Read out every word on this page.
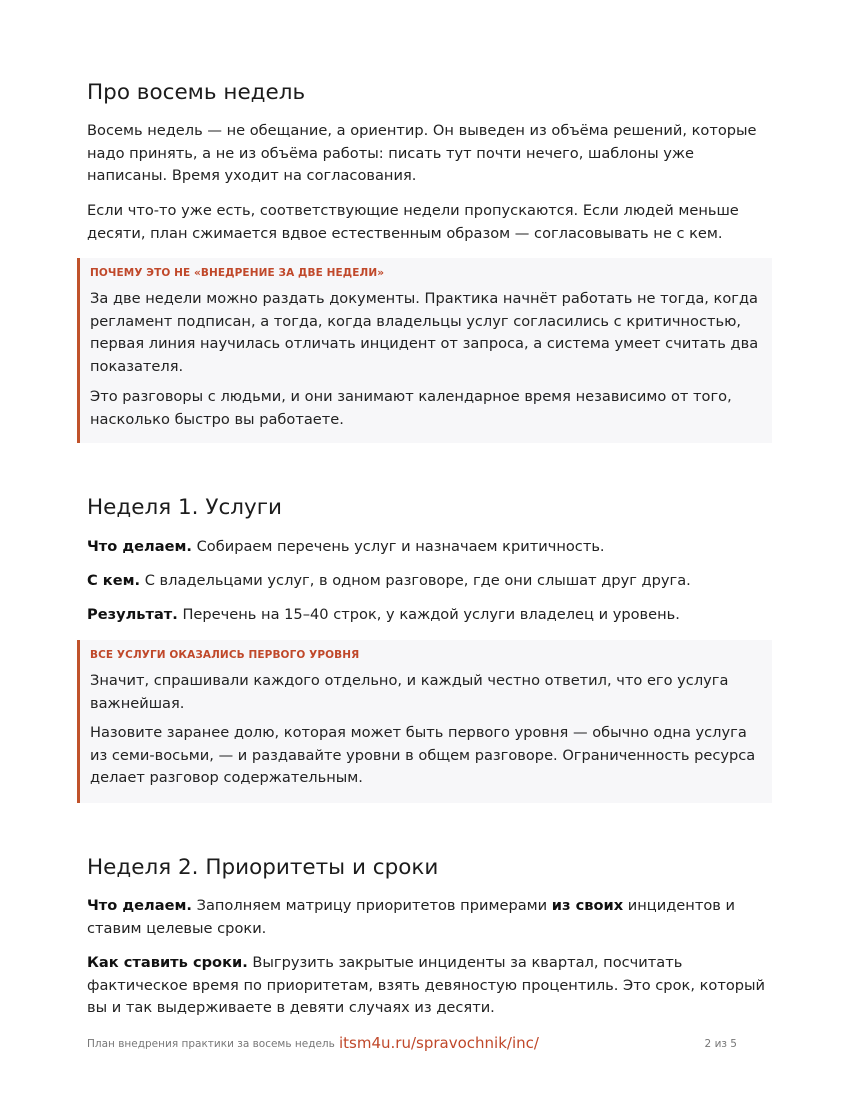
Про восемь недель

Восемь недель — не обещание, а ориентир. Он выведен из объёма решений, которые надо принять, а не из объёма работы: писать тут почти нечего, шаблоны уже написаны. Время уходит на согласования.

Если что-то уже есть, соответствующие недели пропускаются. Если людей меньше десяти, план сжимается вдвое естественным образом — согласовывать не с кем.

ПОЧЕМУ ЭТО НЕ «ВНЕДРЕНИЕ ЗА ДВЕ НЕДЕЛИ»

За две недели можно раздать документы. Практика начнёт работать не тогда, когда регламент подписан, а тогда, когда владельцы услуг согласились с критичностью, первая линия научилась отличать инцидент от запроса, а система умеет считать два показателя.

Это разговоры с людьми, и они занимают календарное время независимо от того, насколько быстро вы работаете.

Неделя 1. Услуги

Что делаем. Собираем перечень услуг и назначаем критичность.

С кем. С владельцами услуг, в одном разговоре, где они слышат друг друга.

Результат. Перечень на 15–40 строк, у каждой услуги владелец и уровень.

ВСЕ УСЛУГИ ОКАЗАЛИСЬ ПЕРВОГО УРОВНЯ

Значит, спрашивали каждого отдельно, и каждый честно ответил, что его услуга важнейшая.

Назовите заранее долю, которая может быть первого уровня — обычно одна услуга из семи-восьми, — и раздавайте уровни в общем разговоре. Ограниченность ресурса делает разговор содержательным.

Неделя 2. Приоритеты и сроки

Что делаем. Заполняем матрицу приоритетов примерами из своих инцидентов и ставим целевые сроки.

Как ставить сроки. Выгрузить закрытые инциденты за квартал, посчитать фактическое время по приоритетам, взять девяностую процентиль. Это срок, который вы и так выдерживаете в девяти случаях из десяти.

План внедрения практики за восемь недель itsm4u.ru/spravochnik/inc/	2 из 5
